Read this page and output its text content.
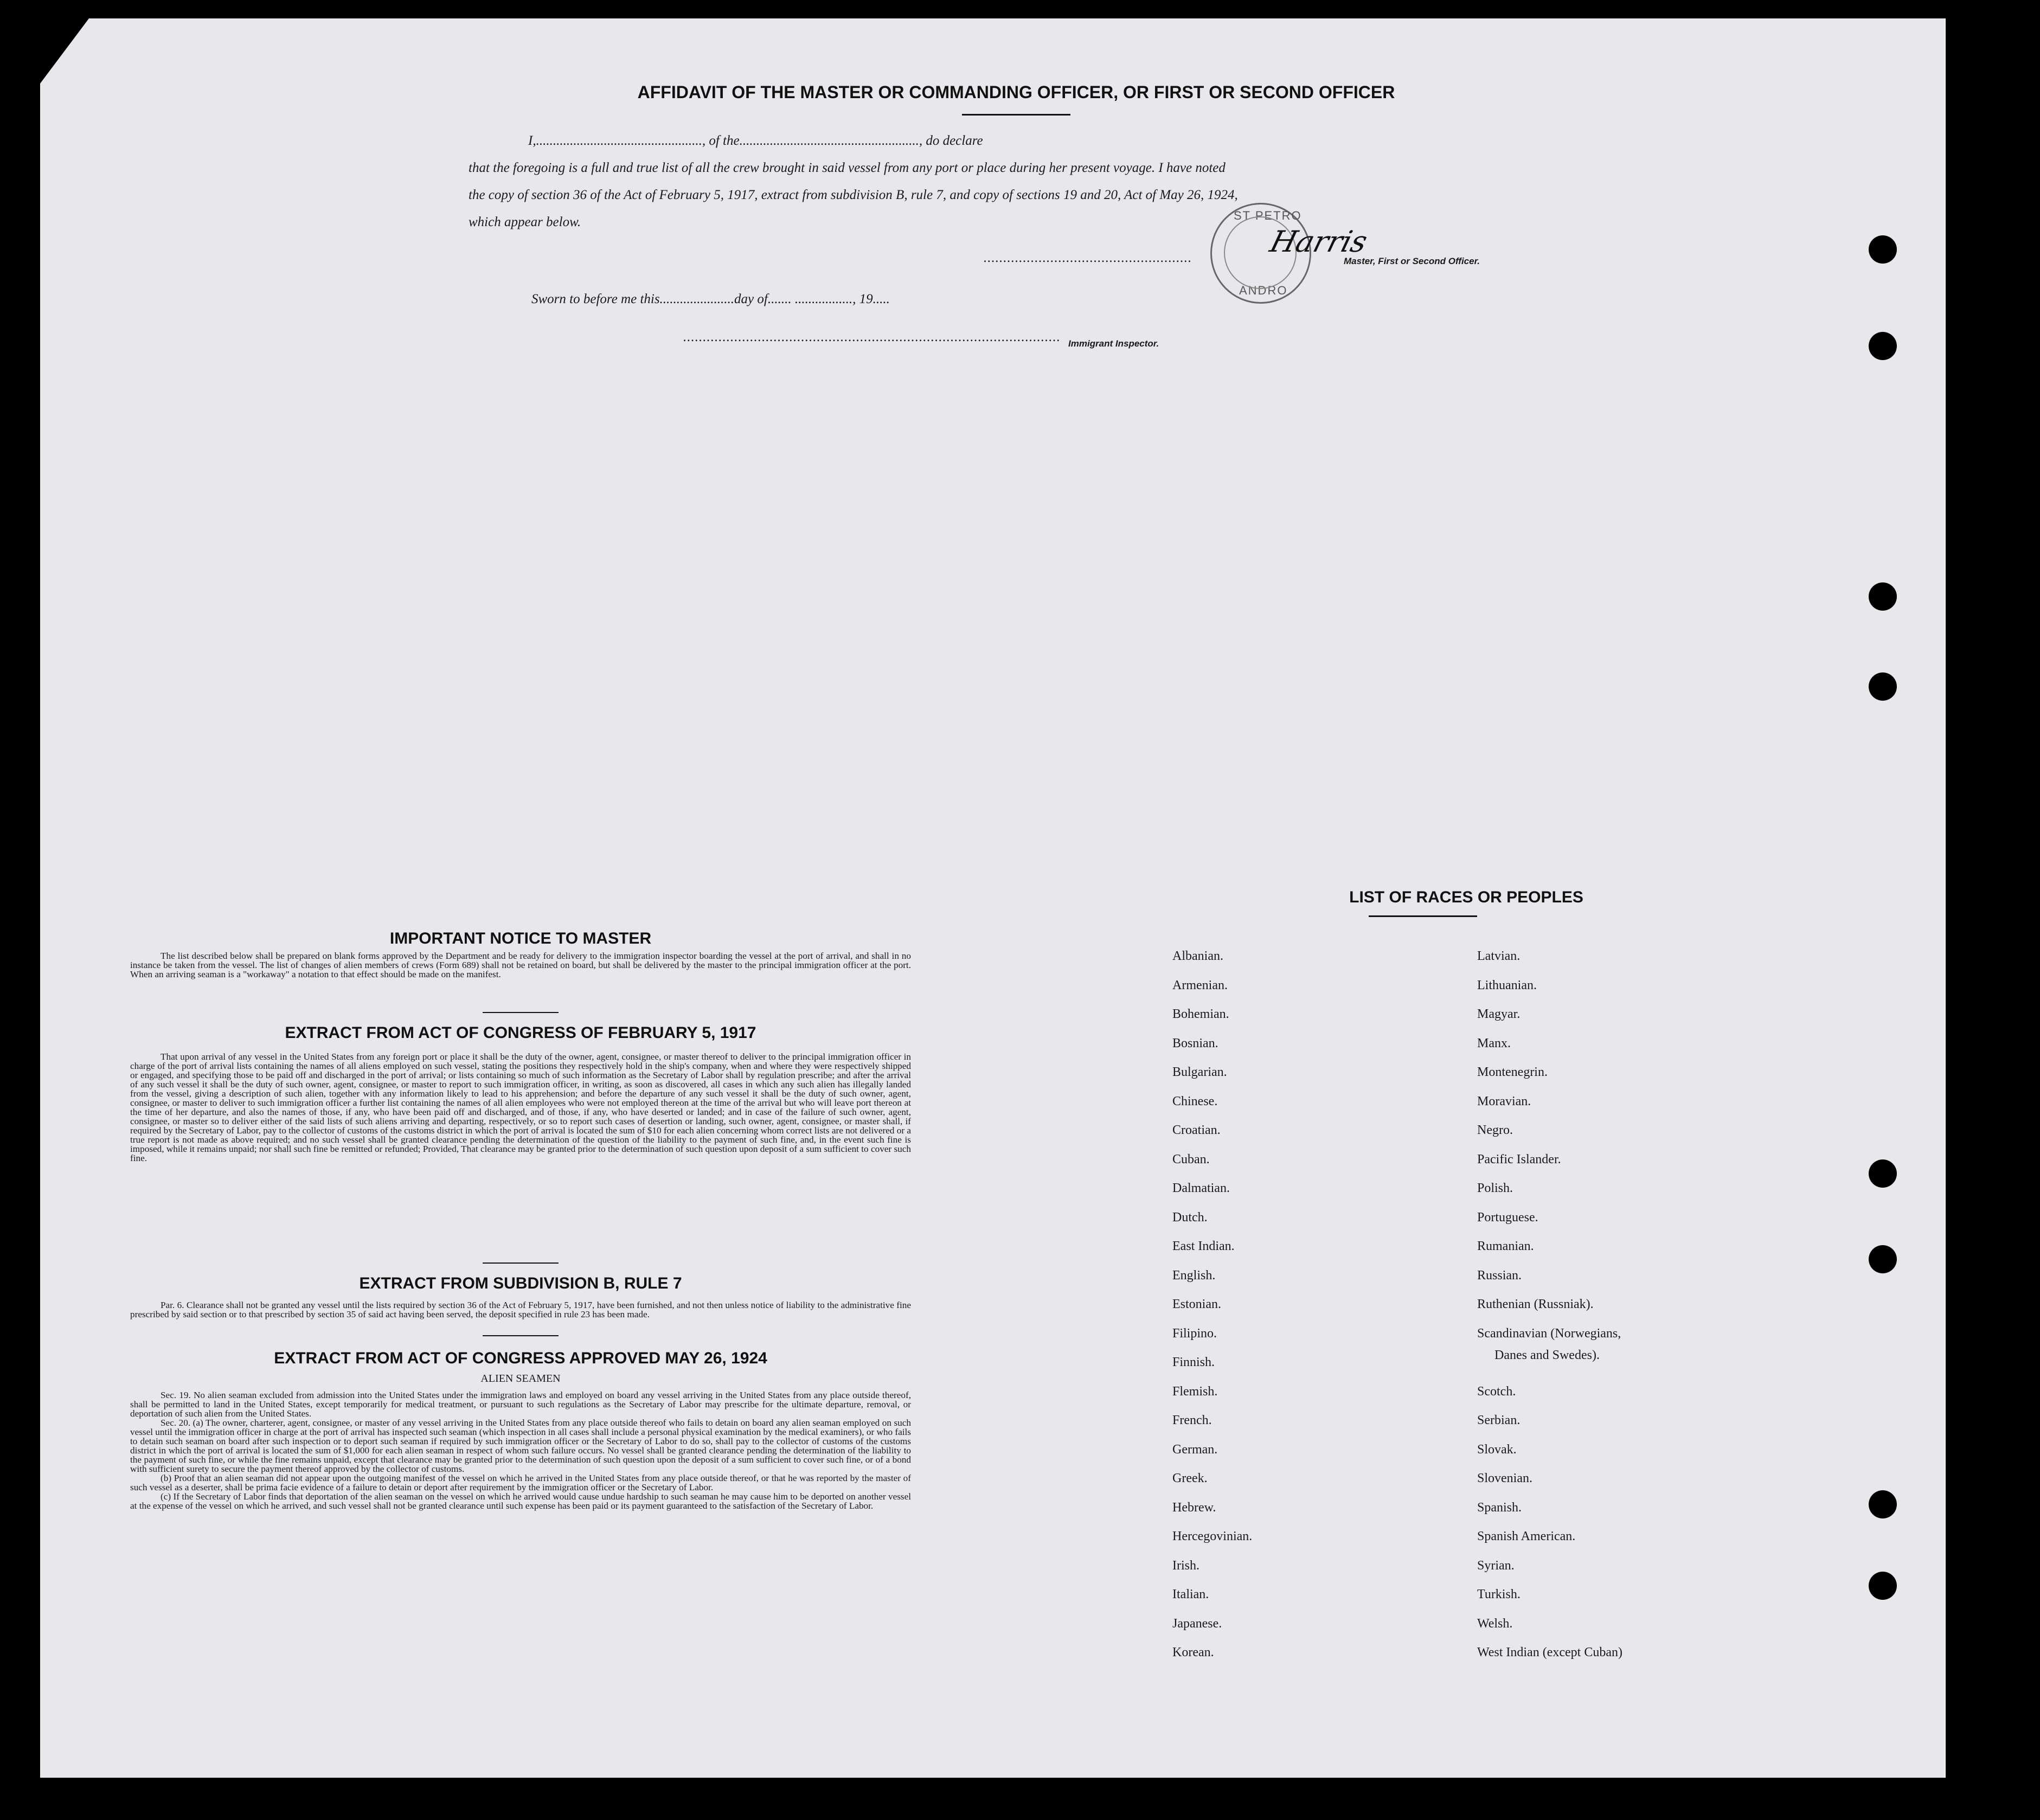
AFFIDAVIT OF THE MASTER OR COMMANDING OFFICER, OR FIRST OR SECOND OFFICER
I,................................................., of the....................................................., do declare
that the foregoing is a full and true list of all the crew brought in said vessel from any port or place during her present voyage. I have noted
the copy of section 36 of the Act of February 5, 1917, extract from subdivision B, rule 7, and copy of sections 19 and 20, Act of May 26, 1924,
which appear below.	ST PETRO
ANDRO
Harris
.....................................................	Master, First or Second Officer.
Sworn to before me this......................day of....... ................., 19.....
................................................................................................ Immigrant Inspector.
IMPORTANT NOTICE TO MASTER

The list described below shall be prepared on blank forms approved by the Department and be ready for delivery to the immigration inspector boarding the vessel at the port of arrival, and shall in no instance be taken from the vessel. The list of changes of alien members of crews (Form 689) shall not be retained on board, but shall be delivered by the master to the principal immigration officer at the port. When an arriving seaman is a "workaway" a notation to that effect should be made on the manifest.

EXTRACT FROM ACT OF CONGRESS OF FEBRUARY 5, 1917

That upon arrival of any vessel in the United States from any foreign port or place it shall be the duty of the owner, agent, consignee, or master thereof to deliver to the principal immigration officer in charge of the port of arrival lists containing the names of all aliens employed on such vessel, stating the positions they respectively hold in the ship's company, when and where they were respectively shipped or engaged, and specifying those to be paid off and discharged in the port of arrival; or lists containing so much of such information as the Secretary of Labor shall by regulation prescribe; and after the arrival of any such vessel it shall be the duty of such owner, agent, consignee, or master to report to such immigration officer, in writing, as soon as discovered, all cases in which any such alien has illegally landed from the vessel, giving a description of such alien, together with any information likely to lead to his apprehension; and before the departure of any such vessel it shall be the duty of such owner, agent, consignee, or master to deliver to such immigration officer a further list containing the names of all alien employees who were not employed thereon at the time of the arrival but who will leave port thereon at the time of her departure, and also the names of those, if any, who have been paid off and discharged, and of those, if any, who have deserted or landed; and in case of the failure of such owner, agent, consignee, or master so to deliver either of the said lists of such aliens arriving and departing, respectively, or so to report such cases of desertion or landing, such owner, agent, consignee, or master shall, if required by the Secretary of Labor, pay to the collector of customs of the customs district in which the port of arrival is located the sum of $10 for each alien concerning whom correct lists are not delivered or a true report is not made as above required; and no such vessel shall be granted clearance pending the determination of the question of the liability to the payment of such fine, and, in the event such fine is imposed, while it remains unpaid; nor shall such fine be remitted or refunded; Provided, That clearance may be granted prior to the determination of such question upon deposit of a sum sufficient to cover such fine.

EXTRACT FROM SUBDIVISION B, RULE 7

Par. 6. Clearance shall not be granted any vessel until the lists required by section 36 of the Act of February 5, 1917, have been furnished, and not then unless notice of liability to the administrative fine prescribed by said section or to that prescribed by section 35 of said act having been served, the deposit specified in rule 23 has been made.

EXTRACT FROM ACT OF CONGRESS APPROVED MAY 26, 1924
ALIEN SEAMEN

Sec. 19. No alien seaman excluded from admission into the United States under the immigration laws and employed on board any vessel arriving in the United States from any place outside thereof, shall be permitted to land in the United States, except temporarily for medical treatment, or pursuant to such regulations as the Secretary of Labor may prescribe for the ultimate departure, removal, or deportation of such alien from the United States.

Sec. 20. (a) The owner, charterer, agent, consignee, or master of any vessel arriving in the United States from any place outside thereof who fails to detain on board any alien seaman employed on such vessel until the immigration officer in charge at the port of arrival has inspected such seaman (which inspection in all cases shall include a personal physical examination by the medical examiners), or who fails to detain such seaman on board after such inspection or to deport such seaman if required by such immigration officer or the Secretary of Labor to do so, shall pay to the collector of customs of the customs district in which the port of arrival is located the sum of $1,000 for each alien seaman in respect of whom such failure occurs. No vessel shall be granted clearance pending the determination of the liability to the payment of such fine, or while the fine remains unpaid, except that clearance may be granted prior to the determination of such question upon the deposit of a sum sufficient to cover such fine, or of a bond with sufficient surety to secure the payment thereof approved by the collector of customs.

(b) Proof that an alien seaman did not appear upon the outgoing manifest of the vessel on which he arrived in the United States from any place outside thereof, or that he was reported by the master of such vessel as a deserter, shall be prima facie evidence of a failure to detain or deport after requirement by the immigration officer or the Secretary of Labor.

(c) If the Secretary of Labor finds that deportation of the alien seaman on the vessel on which he arrived would cause undue hardship to such seaman he may cause him to be deported on another vessel at the expense of the vessel on which he arrived, and such vessel shall not be granted clearance until such expense has been paid or its payment guaranteed to the satisfaction of the Secretary of Labor.

LIST OF RACES OR PEOPLES
Albanian.
Armenian.
Bohemian.
Bosnian.
Bulgarian.
Chinese.
Croatian.
Cuban.
Dalmatian.
Dutch.
East Indian.
English.
Estonian.
Filipino.
Finnish.
Flemish.
French.
German.
Greek.
Hebrew.
Hercegovinian.
Irish.
Italian.
Japanese.
Korean.
Latvian.
Lithuanian.
Magyar.
Manx.
Montenegrin.
Moravian.
Negro.
Pacific Islander.
Polish.
Portuguese.
Rumanian.
Russian.
Ruthenian (Russniak).
Scandinavian (Norwegians,
Danes and Swedes).
Scotch.
Serbian.
Slovak.
Slovenian.
Spanish.
Spanish American.
Syrian.
Turkish.
Welsh.
West Indian (except Cuban)
